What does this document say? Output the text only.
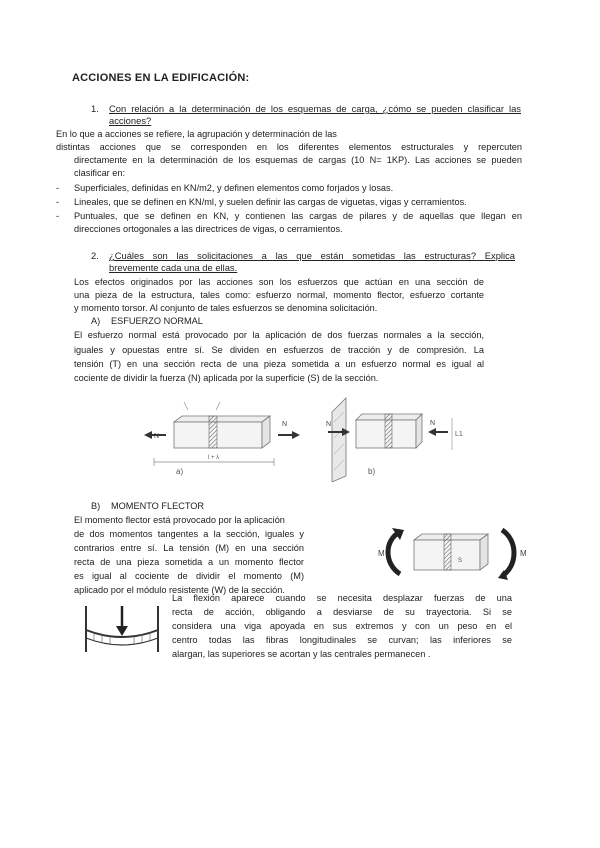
ACCIONES EN LA EDIFICACIÓN:
1. Con relación a la determinación de los esquemas de carga, ¿cómo se pueden clasificar las
acciones?
En lo que a acciones se refiere, la agrupación y determinación de las
distintas acciones que se corresponden en los diferentes elementos estructurales y repercuten
directamente en la determinación de los esquemas de cargas (10 N= 1KP). Las acciones se pueden
clasificar en:
- Superficiales, definidas en KN/m2, y definen elementos como forjados y losas.
- Lineales, que se definen en KN/ml, y suelen definir las cargas de viguetas, vigas y cerramientos.
- Puntuales, que se definen en KN, y contienen las cargas de pilares y de aquellas que llegan en
direcciones ortogonales a las directrices de vigas, o cerramientos.
2. ¿Cuáles son las solicitaciones a las que están sometidas las estructuras? Explica
brevemente cada una de ellas.
Los efectos originados por las acciones son los esfuerzos que actúan en una sección de
una pieza de la estructura, tales como: esfuerzo normal, momento flector, esfuerzo cortante
y momento torsor. Al conjunto de tales esfuerzos se denomina solicitación.
A) ESFUERZO NORMAL
El esfuerzo normal está provocado por la aplicación de dos fuerzas normales a la sección,
iguales y opuestas entre sí. Se dividen en esfuerzos de tracción y de compresión. La
tensión (T) en una sección recta de una pieza sometida a un esfuerzo normal es igual al
cociente de dividir la fuerza (N) aplicada por la superficie (S) de la sección.
N
N
l + λ
a)
N	N
L1
b)
B) MOMENTO FLECTOR
El momento flector está provocado por la aplicación
de dos momentos tangentes a la sección, iguales y
contrarios entre sí. La tensión (M) en una sección
recta de una pieza sometida a un momento flector
es igual al cociente de dividir el momento (M)
aplicado por el módulo resistente (W) de la sección.
M	M
S
La flexión aparece cuando se necesita desplazar fuerzas de una
recta de acción, obligando a desviarse de su trayectoria. Si se
considera una viga apoyada en sus extremos y con un peso en el
centro todas las fibras longitudinales se curvan; las inferiores se
alargan, las superiores se acortan y las centrales permanecen .
